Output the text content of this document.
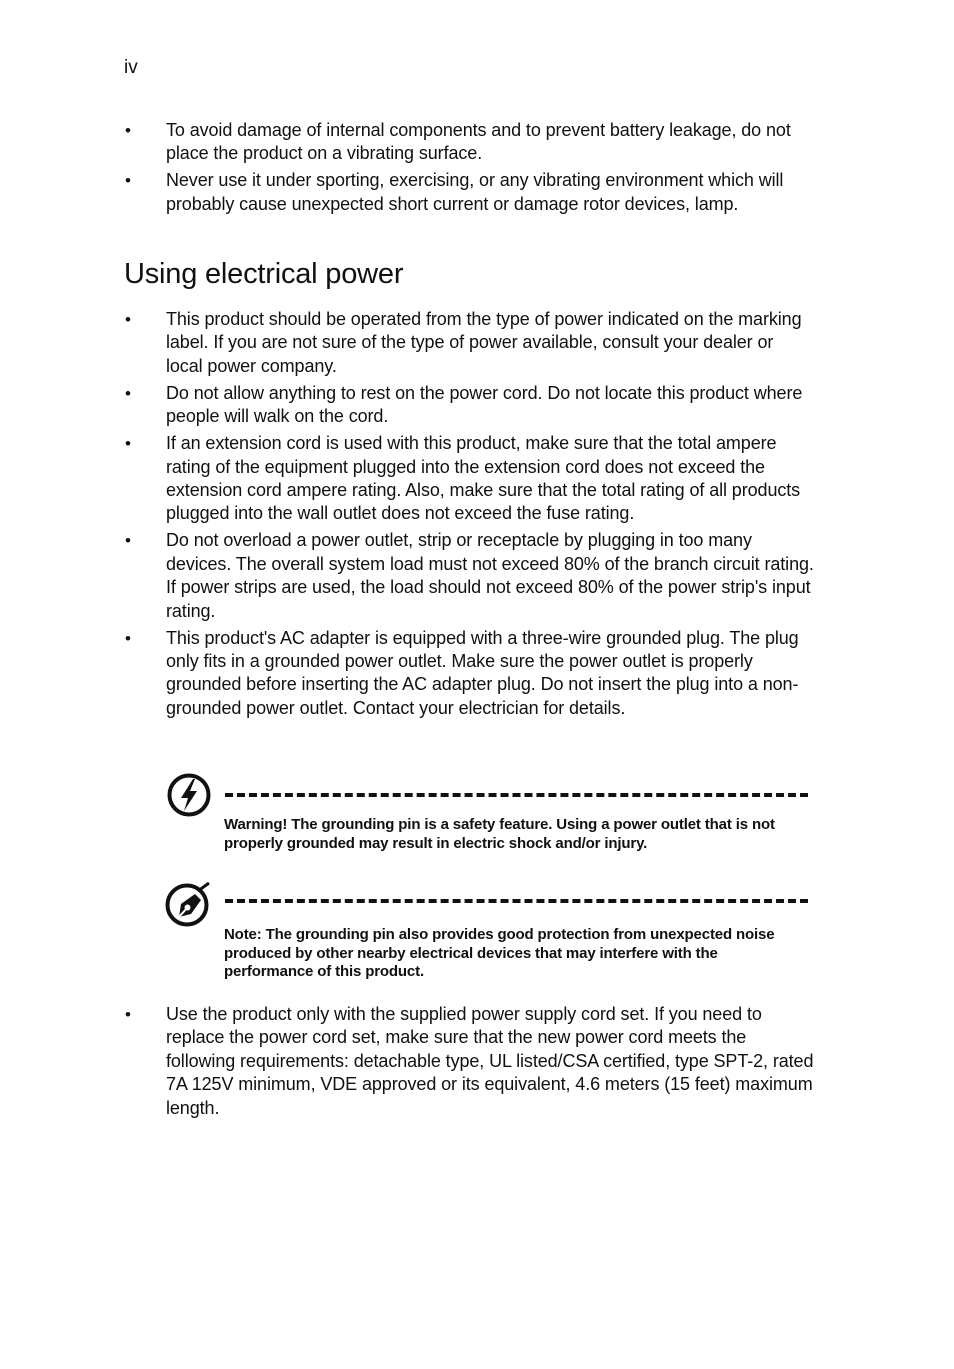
iv
• To avoid damage of internal components and to prevent battery leakage, do not place the product on a vibrating surface.
• Never use it under sporting, exercising, or any vibrating environment which will probably cause unexpected short current or damage rotor devices, lamp.
Using electrical power
• This product should be operated from the type of power indicated on the marking label. If you are not sure of the type of power available, consult your dealer or local power company.
• Do not allow anything to rest on the power cord. Do not locate this product where people will walk on the cord.
• If an extension cord is used with this product, make sure that the total ampere rating of the equipment plugged into the extension cord does not exceed the extension cord ampere rating. Also, make sure that the total rating of all products plugged into the wall outlet does not exceed the fuse rating.
• Do not overload a power outlet, strip or receptacle by plugging in too many devices. The overall system load must not exceed 80% of the branch circuit rating. If power strips are used, the load should not exceed 80% of the power strip's input rating.
• This product's AC adapter is equipped with a three-wire grounded plug. The plug only fits in a grounded power outlet. Make sure the power outlet is properly grounded before inserting the AC adapter plug. Do not insert the plug into a non-grounded power outlet. Contact your electrician for details.
Warning! The grounding pin is a safety feature. Using a power outlet that is not properly grounded may result in electric shock and/or injury.
Note: The grounding pin also provides good protection from unexpected noise produced by other nearby electrical devices that may interfere with the performance of this product.
• Use the product only with the supplied power supply cord set. If you need to replace the power cord set, make sure that the new power cord meets the following requirements: detachable type, UL listed/CSA certified, type SPT-2, rated 7A 125V minimum, VDE approved or its equivalent, 4.6 meters (15 feet) maximum length.
